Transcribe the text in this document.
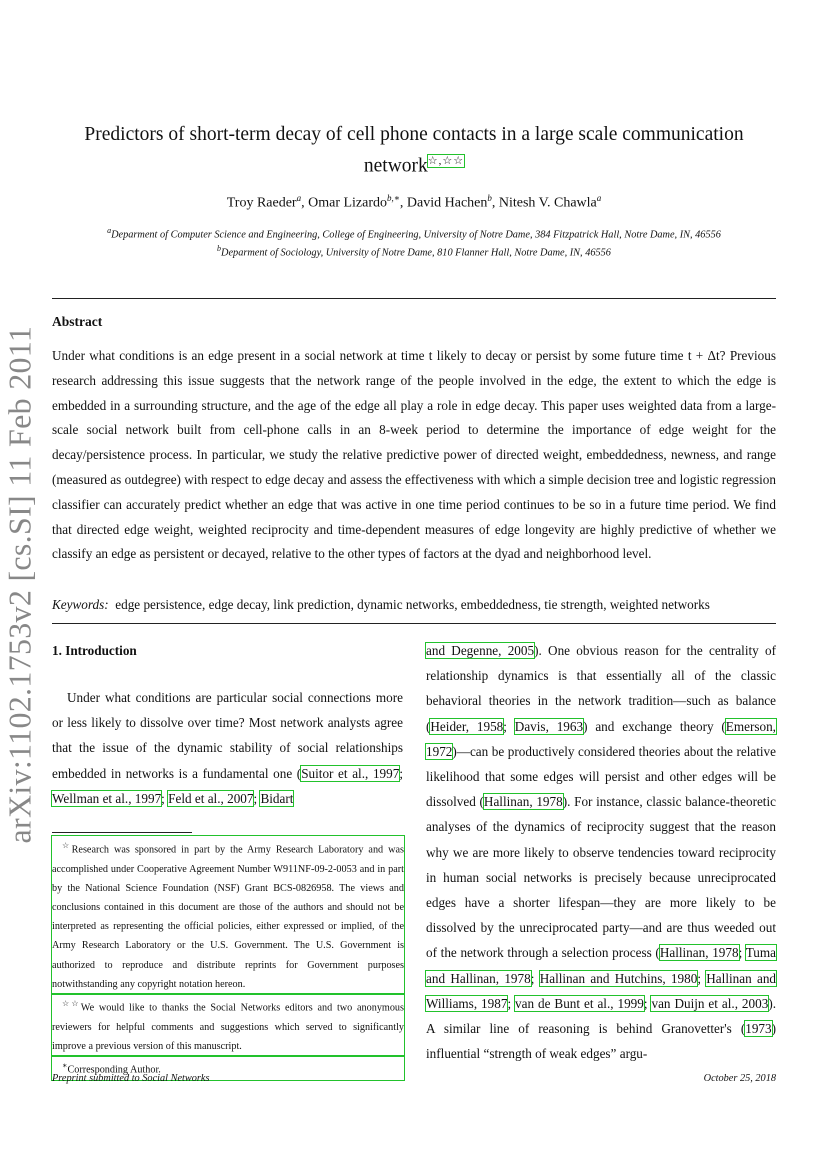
Predictors of short-term decay of cell phone contacts in a large scale communication
network☆,☆☆
Troy Raeder$^a$, Omar Lizardo$^{b,∗}$, David Hachen$^b$, Nitesh V. Chawla$^a$
$^a$Deparment of Computer Science and Engineering, College of Engineering, University of Notre Dame, 384 Fitzpatrick Hall, Notre Dame, IN, 46556
$^b$Deparment of Sociology, University of Notre Dame, 810 Flanner Hall, Notre Dame, IN, 46556
Abstract
Under what conditions is an edge present in a social network at time t likely to decay or persist by some future time t + Δt? Previous research addressing this issue suggests that the network range of the people involved in the edge, the extent to which the edge is embedded in a surrounding structure, and the age of the edge all play a role in edge decay. This paper uses weighted data from a large-scale social network built from cell-phone calls in an 8-week period to determine the importance of edge weight for the decay/persistence process. In particular, we study the relative predictive power of directed weight, embeddedness, newness, and range (measured as outdegree) with respect to edge decay and assess the effectiveness with which a simple decision tree and logistic regression classifier can accurately predict whether an edge that was active in one time period continues to be so in a future time period. We find that directed edge weight, weighted reciprocity and time-dependent measures of edge longevity are highly predictive of whether we classify an edge as persistent or decayed, relative to the other types of factors at the dyad and neighborhood level.
Keywords: edge persistence, edge decay, link prediction, dynamic networks, embeddedness, tie strength, weighted networks
arXiv:1102.1753v2 [cs.SI] 11 Feb 2011 1. Introduction
Under what conditions are particular social connections more or less likely to dissolve over time? Most network analysts agree that the issue of the dynamic stability of social relationships embedded in networks is a fundamental one (Suitor et al., 1997; Wellman et al., 1997; Feld et al., 2007; Bidart
☆Research was sponsored in part by the Army Research Laboratory and was accomplished under Cooperative Agreement Number W911NF-09-2-0053 and in part by the National Science Foundation (NSF) Grant BCS-0826958. The views and conclusions contained in this document are those of the authors and should not be interpreted as representing the official policies, either expressed or implied, of the Army Research Laboratory or the U.S. Government. The U.S. Government is authorized to reproduce and distribute reprints for Government purposes notwithstanding any copyright notation hereon.
☆☆We would like to thanks the Social Networks editors and two anonymous reviewers for helpful comments and suggestions which served to significantly improve a previous version of this manuscript.
∗Corresponding Author.
and Degenne, 2005). One obvious reason for the centrality of relationship dynamics is that essentially all of the classic behavioral theories in the network tradition—such as balance (Heider, 1958; Davis, 1963) and exchange theory (Emerson, 1972)—can be productively considered theories about the relative likelihood that some edges will persist and other edges will be dissolved (Hallinan, 1978). For instance, classic balance-theoretic analyses of the dynamics of reciprocity suggest that the reason why we are more likely to observe tendencies toward reciprocity in human social networks is precisely because unreciprocated edges have a shorter lifespan—they are more likely to be dissolved by the unreciprocated party—and are thus weeded out of the network through a selection process (Hallinan, 1978; Tuma and Hallinan, 1978; Hallinan and Hutchins, 1980; Hallinan and Williams, 1987; van de Bunt et al., 1999; van Duijn et al., 2003). A similar line of reasoning is behind Granovetter's (1973) influential “strength of weak edges” argu-
Preprint submitted to Social Networks	October 25, 2018
